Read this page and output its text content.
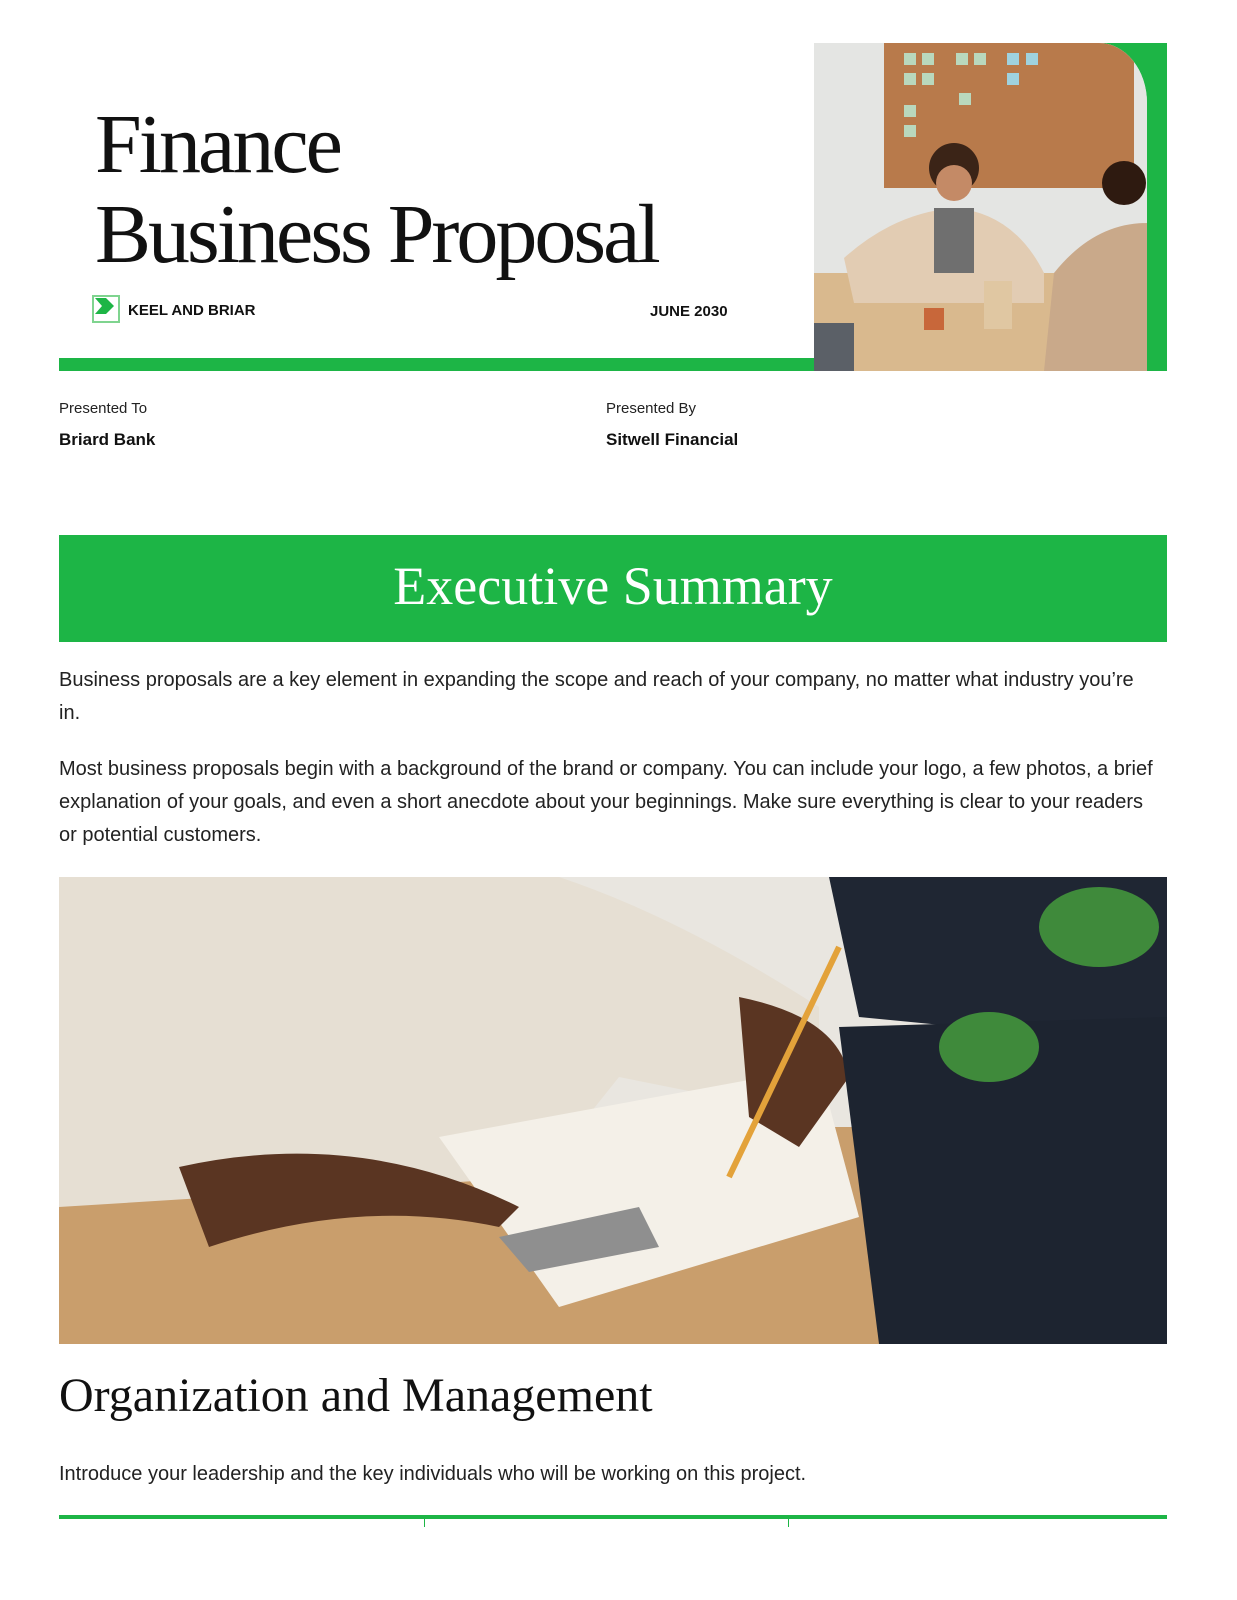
Finance
Business Proposal
KEEL AND BRIAR	JUNE 2030
Presented To
Briard Bank
Presented By
Sitwell Financial
Executive Summary

Business proposals are a key element in expanding the scope and reach of your company, no matter what industry you’re in.

Most business proposals begin with a background of the brand or company. You can include your logo, a few photos, a brief explanation of your goals, and even a short anecdote about your beginnings. Make sure everything is clear to your readers or potential customers.

Organization and Management

Introduce your leadership and the key individuals who will be working on this project.
